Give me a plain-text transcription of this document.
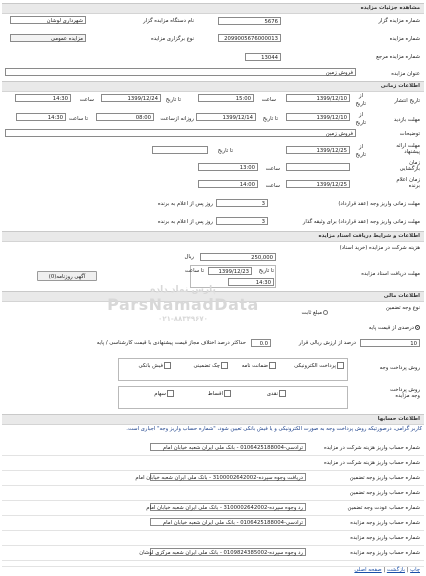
مشاهده جزئیات مزایده
شماره مزایده گزار
5676
نام دستگاه مزایده گزار
شهرداری لوشان
شماره مزایده
2099005676000013
نوع برگزاری مزایده
مزایده عمومی
شماره مزایده مرجع
13044
عنوان مزایده
فروش زمین
اطلاعات زمانی
تاریخ انتشار
از تاریخ
1399/12/10
ساعت
15:00
تا تاریخ
1399/12/24
ساعت
14:30
مهلت بازدید
از تاریخ
1399/12/10
تا تاریخ
1399/12/14
روزانه ازساعت
08:00
تا ساعت
14:30
توضیحات
فروش زمین
مهلت ارائه پیشنهاد
از تاریخ
1399/12/25
تا تاریخ
زمان بازگشایی
ساعت
13:00
زمان اعلام برنده
1399/12/25
ساعت
14:00
مهلت زمانی واریز وجه (عقد قرارداد)
3
روز پس از اعلام به برنده
مهلت زمانی واریز وجه (عقد قرارداد) برای وثیقه گذار
3
روز پس از اعلام به برنده
اطلاعات و شرایط دریافت اسناد مزایده
هزینه شرکت در مزایده (خرید اسناد)
250,000
ریال
مهلت دریافت اسناد مزایده
تا تاریخ
1399/12/23
تا ساعت
14:30
آگهی روزنامه(0)
اطلاعات مالی
نوع وجه تضمین
درصدی از قیمت پایه
مبلغ ثابت
10
درصد از ارزش ریالی قرار
0.0
حداکثر درصد اختلاف مجاز قیمت پیشنهادی با قیمت کارشناسی / پایه
روش پرداخت وجه
پرداخت الکترونیکی
ضمانت نامه
چک تضمینی
فیش بانکی
روش پرداخت وجه مزایده
نقدی
اقساط
سهام
اطلاعات حسابها
کاربر گرامی، درصورتیکه روش پرداخت وجه به صورت الکترونیکی و یا فیش بانکی تعیین شود، "شماره حساب واریز وجه" اجباری است.
شماره حساب واریز هزینه شرکت در مزایده
ترادسی-0106425188004 - بانک ملی ایران شعبه خیابان امام
شماره حساب واریز هزینه شرکت در مزایده
شماره حساب واریز وجه تضمین
دریافت وجوه سپرده-3100002642002 - بانک ملی ایران شعبه خیابان امام
شماره حساب واریز وجه تضمین
شماره حساب عودت وجه تضمین
رد وجوه سپرده-3100002642002 - بانک ملی ایران شعبه خیابان امام
شماره حساب واریز وجه مزایده
ترادسی-0106425188004 - بانک ملی ایران شعبه خیابان امام
شماره حساب واریز وجه مزایده
شماره حساب واریز وجه مزایده
رد وجوه سپرده-0109824385002 - بانک ملی ایران شعبه مرکزی لوشان
چاپ | بازگشت | صفحه اصلی
پارس نماد داده
ParsNamadData
۰۲۱-۸۸۳۴۹۶۷۰
